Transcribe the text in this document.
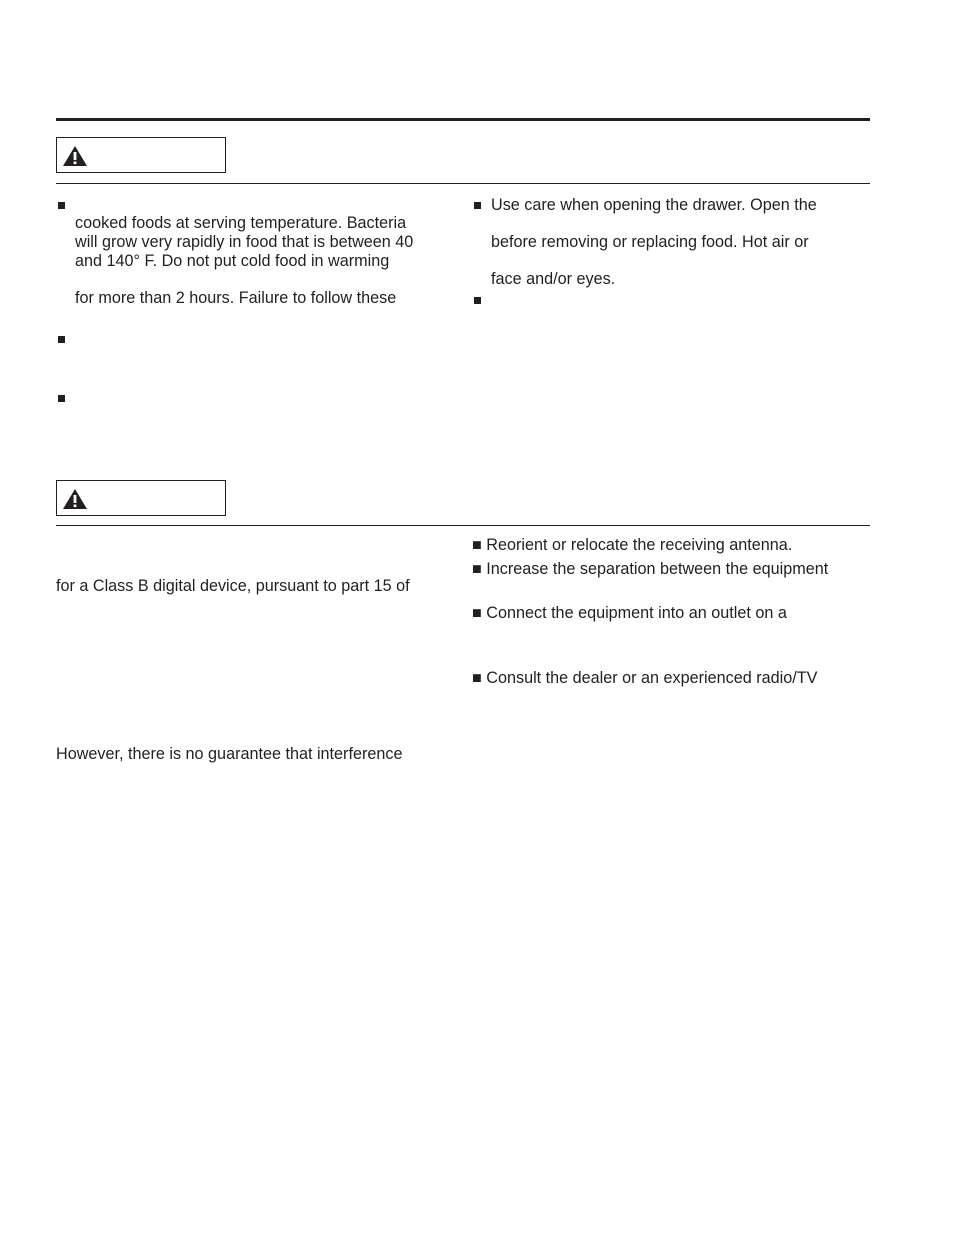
cooked foods at serving temperature. Bacteria
will grow very rapidly in food that is between 40
and 140° F. Do not put cold food in warming
for more than 2 hours. Failure to follow these
Use care when opening the drawer. Open the
before removing or replacing food. Hot air or
face and/or eyes.
for a Class B digital device, pursuant to part 15 of
However, there is no guarantee that interference
■ Reorient or relocate the receiving antenna.
■ Increase the separation between the equipment
■ Connect the equipment into an outlet on a
■ Consult the dealer or an experienced radio/TV
